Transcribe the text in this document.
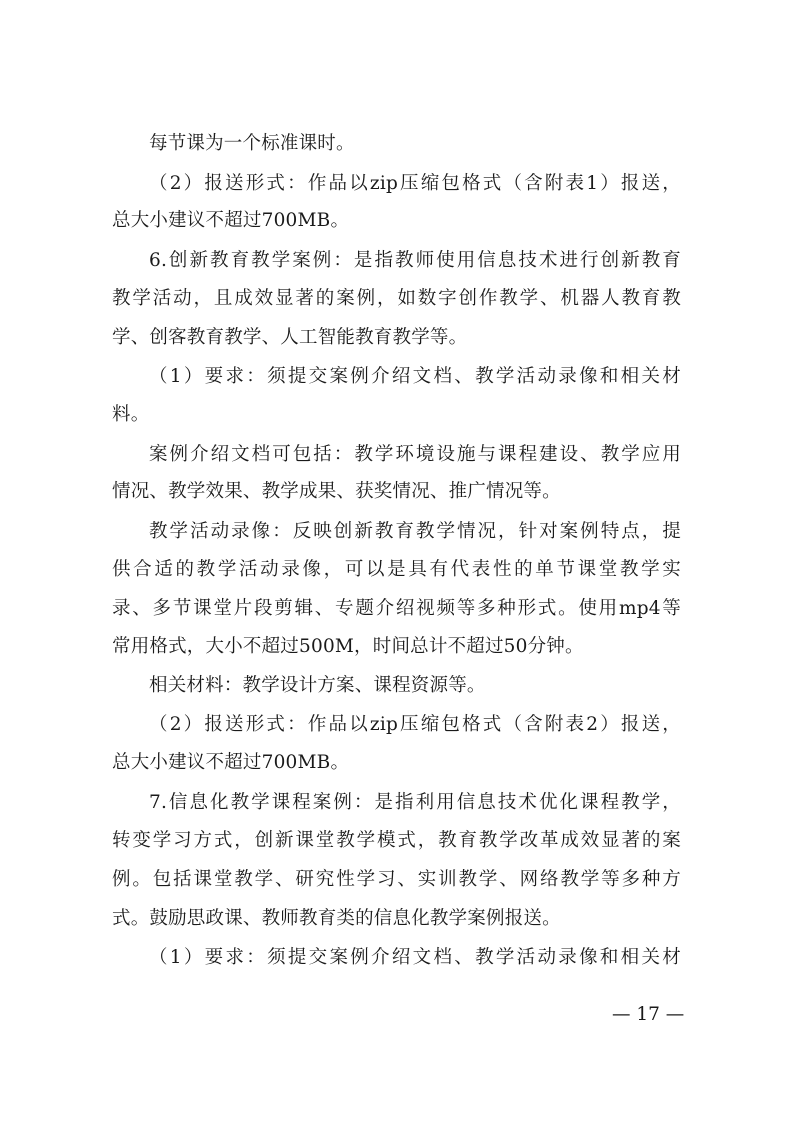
每节课为一个标准课时。
（2）报送形式：作品以zip压缩包格式（含附表1）报送，
总大小建议不超过700MB。
6.创新教育教学案例：是指教师使用信息技术进行创新教育
教学活动，且成效显著的案例，如数字创作教学、机器人教育教
学、创客教育教学、人工智能教育教学等。
（1）要求：须提交案例介绍文档、教学活动录像和相关材
料。
案例介绍文档可包括：教学环境设施与课程建设、教学应用
情况、教学效果、教学成果、获奖情况、推广情况等。
教学活动录像：反映创新教育教学情况，针对案例特点，提
供合适的教学活动录像，可以是具有代表性的单节课堂教学实
录、多节课堂片段剪辑、专题介绍视频等多种形式。使用mp4等
常用格式，大小不超过500M，时间总计不超过50分钟。
相关材料：教学设计方案、课程资源等。
（2）报送形式：作品以zip压缩包格式（含附表2）报送，
总大小建议不超过700MB。
7.信息化教学课程案例：是指利用信息技术优化课程教学，
转变学习方式，创新课堂教学模式，教育教学改革成效显著的案
例。包括课堂教学、研究性学习、实训教学、网络教学等多种方
式。鼓励思政课、教师教育类的信息化教学案例报送。
（1）要求：须提交案例介绍文档、教学活动录像和相关材
— 17 —
